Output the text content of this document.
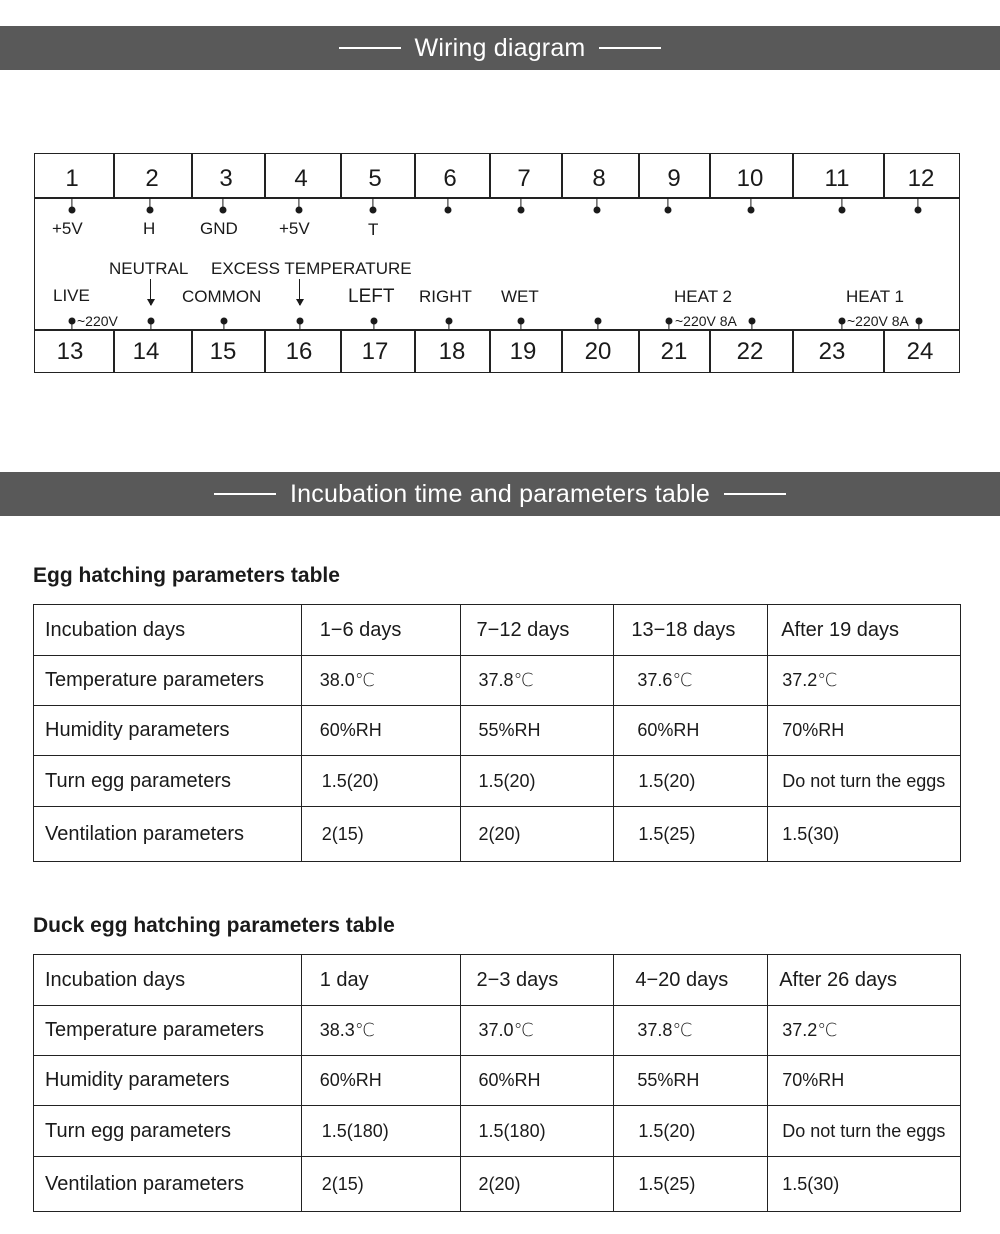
Wiring diagram
1	2	3	4	5	6	7	8	9 10	11 12
+5V	H	GND +5V	T
NEUTRAL EXCESS TEMPERATURE
LIVE	COMMON	LEFT RIGHT WET	HEAT 2	HEAT 1
~220V	~220V 8A	~220V 8A
13 14 15 16 17 18 19 20 21 22 23	24
Incubation time and parameters table
Egg hatching parameters table
Incubation days	1−6 days	7−12 days	13−18 days	After 19 days
Temperature parameters	38.0℃	37.8℃	37.6℃	37.2℃
Humidity parameters	60%RH	55%RH	60%RH	70%RH
Turn egg parameters	1.5(20)	1.5(20)	1.5(20)	Do not turn the eggs
Ventilation parameters	2(15)	2(20)	1.5(25)	1.5(30)
Duck egg hatching parameters table
Incubation days	1 day	2−3 days	4−20 days	After 26 days
Temperature parameters	38.3℃	37.0℃	37.8℃	37.2℃
Humidity parameters	60%RH	60%RH	55%RH	70%RH
Turn egg parameters	1.5(180)	1.5(180)	1.5(20)	Do not turn the eggs
Ventilation parameters	2(15)	2(20)	1.5(25)	1.5(30)
